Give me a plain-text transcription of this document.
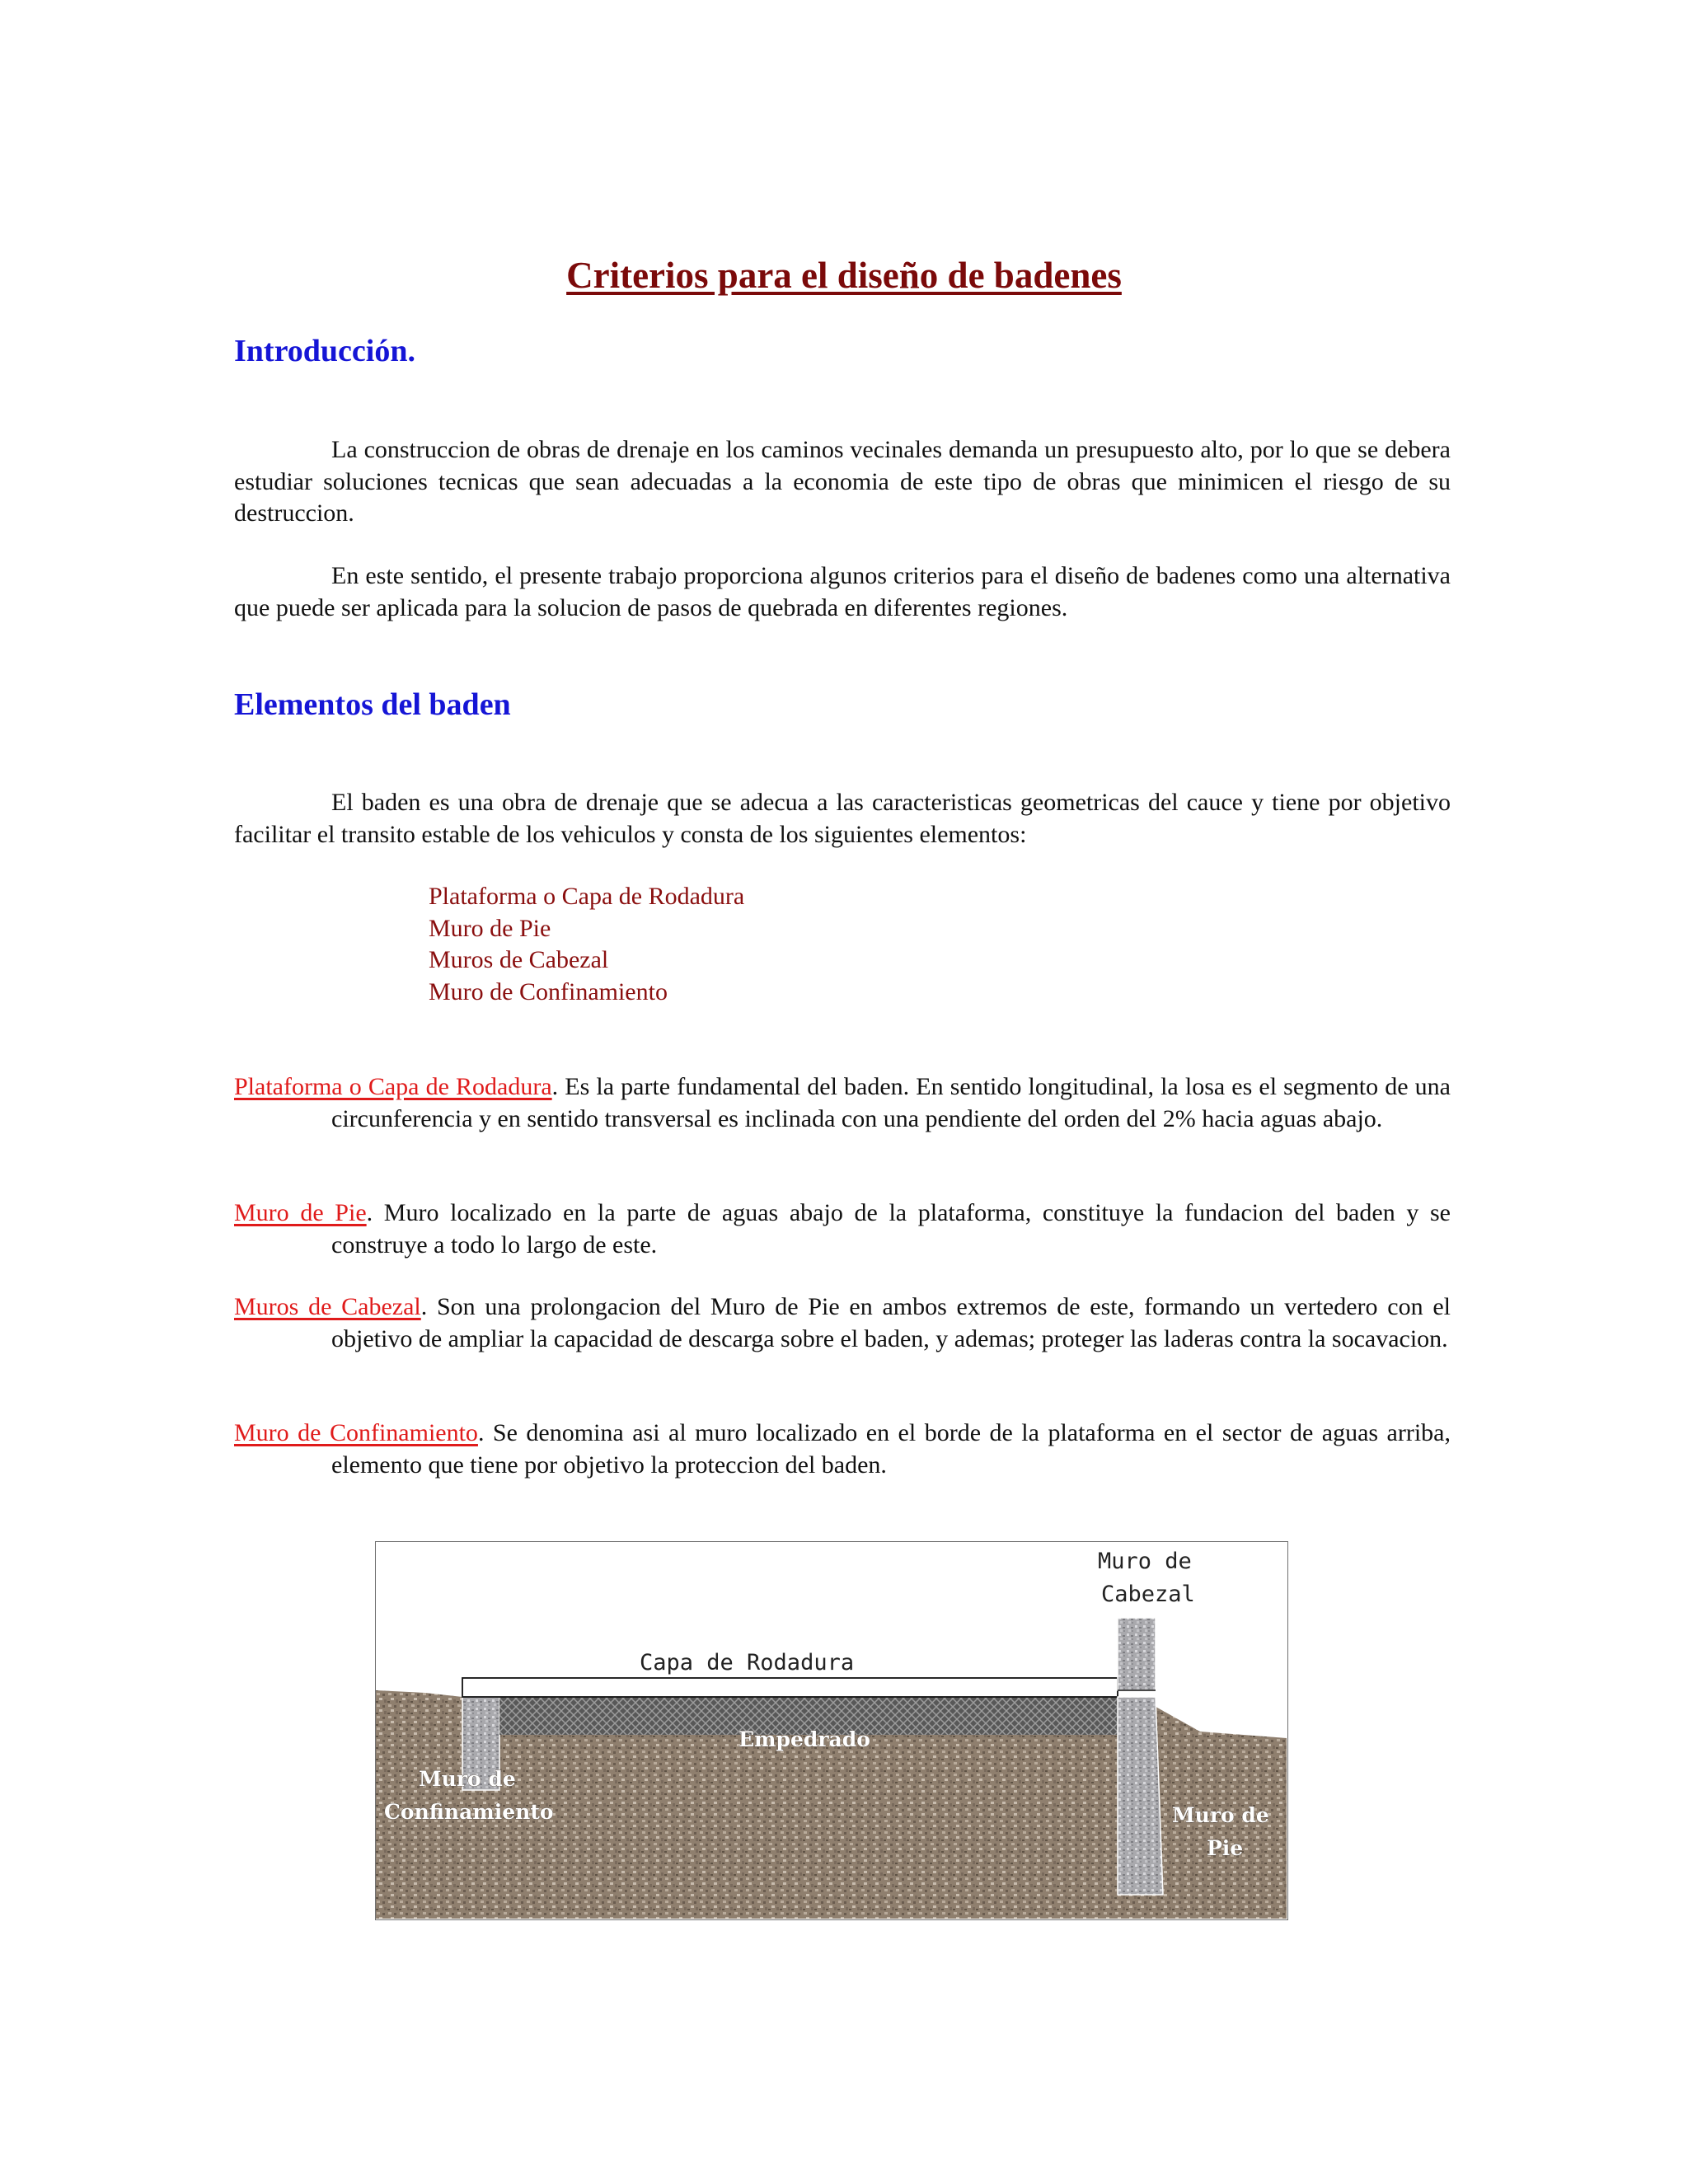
Criterios para el diseño de badenes
Introducción.

La construccion de obras de drenaje en los caminos vecinales demanda un presupuesto alto, por lo que se debera estudiar soluciones tecnicas que sean adecuadas a la economia de este tipo de obras que minimicen el riesgo de su destruccion.

En este sentido, el presente trabajo proporciona algunos criterios para el diseño de badenes como una alternativa que puede ser aplicada para la solucion de pasos de quebrada en diferentes regiones.

Elementos del baden

El baden es una obra de drenaje que se adecua a las caracteristicas geometricas del cauce y tiene por objetivo facilitar el transito estable de los vehiculos y consta de los siguientes elementos:

Plataforma o Capa de Rodadura
Muro de Pie
Muros de Cabezal
Muro de Confinamiento

Plataforma o Capa de Rodadura. Es la parte fundamental del baden. En sentido longitudinal, la losa es el segmento de una circunferencia y en sentido transversal es inclinada con una pendiente del orden del 2% hacia aguas abajo.

Muro de Pie. Muro localizado en la parte de aguas abajo de la plataforma, constituye la fundacion del baden y se construye a todo lo largo de este.

Muros de Cabezal. Son una prolongacion del Muro de Pie en ambos extremos de este, formando un vertedero con el objetivo de ampliar la capacidad de descarga sobre el baden, y ademas; proteger las laderas contra la socavacion.

Muro de Confinamiento. Se denomina asi al muro localizado en el borde de la plataforma en el sector de aguas arriba, elemento que tiene por objetivo la proteccion del baden.

Muro de
Cabezal
Capa de Rodadura
Empedrado
Muro de
Confinamiento	Muro de
Pie
